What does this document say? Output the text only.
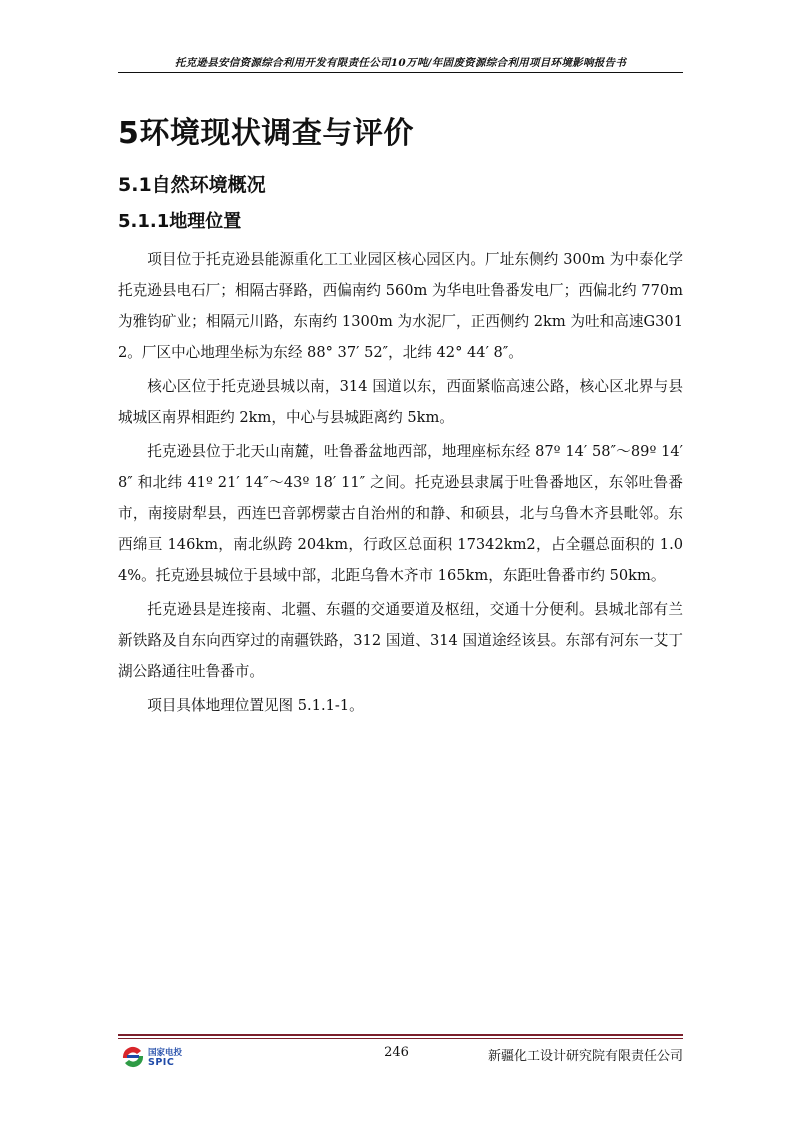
托克逊县安信资源综合利用开发有限责任公司10万吨/年固废资源综合利用项目环境影响报告书
5环境现状调查与评价
5.1自然环境概况
5.1.1地理位置

项目位于托克逊县能源重化工工业园区核心园区内。厂址东侧约 300m 为中泰化学托克逊县电石厂；相隔古驿路，西偏南约 560m 为华电吐鲁番发电厂；西偏北约 770m 为雅钧矿业；相隔元川路，东南约 1300m 为水泥厂，正西侧约 2km 为吐和高速G3012。厂区中心地理坐标为东经 88° 37′ 52″，北纬 42° 44′ 8″。

核心区位于托克逊县城以南，314 国道以东，西面紧临高速公路，核心区北界与县城城区南界相距约 2km，中心与县城距离约 5km。

托克逊县位于北天山南麓，吐鲁番盆地西部，地理座标东经 87º 14′ 58″～89º 14′ 8″ 和北纬 41º 21′ 14″～43º 18′ 11″ 之间。托克逊县隶属于吐鲁番地区，东邻吐鲁番市，南接尉犁县，西连巴音郭楞蒙古自治州的和静、和硕县，北与乌鲁木齐县毗邻。东西绵亘 146km，南北纵跨 204km，行政区总面积 17342km2，占全疆总面积的 1.04%。托克逊县城位于县域中部，北距乌鲁木齐市 165km，东距吐鲁番市约 50km。

托克逊县是连接南、北疆、东疆的交通要道及枢纽，交通十分便利。县城北部有兰新铁路及自东向西穿过的南疆铁路，312 国道、314 国道途经该县。东部有河东一艾丁湖公路通往吐鲁番市。

项目具体地理位置见图 5.1.1-1。

国家电投
SPIC
246	新疆化工设计研究院有限责任公司
